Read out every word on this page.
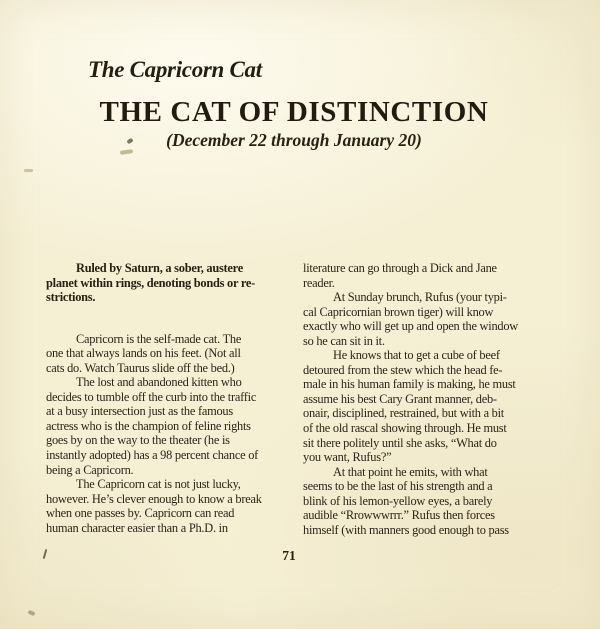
The Capricorn Cat
THE CAT OF DISTINCTION
(December 22 through January 20)
Ruled by Saturn, a sober, austere
planet within rings, denoting bonds or re-
strictions.
Capricorn is the self-made cat. The
one that always lands on his feet. (Not all
cats do. Watch Taurus slide off the bed.)
The lost and abandoned kitten who
decides to tumble off the curb into the traffic
at a busy intersection just as the famous
actress who is the champion of feline rights
goes by on the way to the theater (he is
instantly adopted) has a 98 percent chance of
being a Capricorn.
The Capricorn cat is not just lucky,
however. He’s clever enough to know a break
when one passes by. Capricorn can read
human character easier than a Ph.D. in
literature can go through a Dick and Jane
reader.
At Sunday brunch, Rufus (your typi-
cal Capricornian brown tiger) will know
exactly who will get up and open the window
so he can sit in it.
He knows that to get a cube of beef
detoured from the stew which the head fe-
male in his human family is making, he must
assume his best Cary Grant manner, deb-
onair, disciplined, restrained, but with a bit
of the old rascal showing through. He must
sit there politely until she asks, “What do
you want, Rufus?”
At that point he emits, with what
seems to be the last of his strength and a
blink of his lemon-yellow eyes, a barely
audible “Rrowwwrrr.” Rufus then forces
himself (with manners good enough to pass
71
